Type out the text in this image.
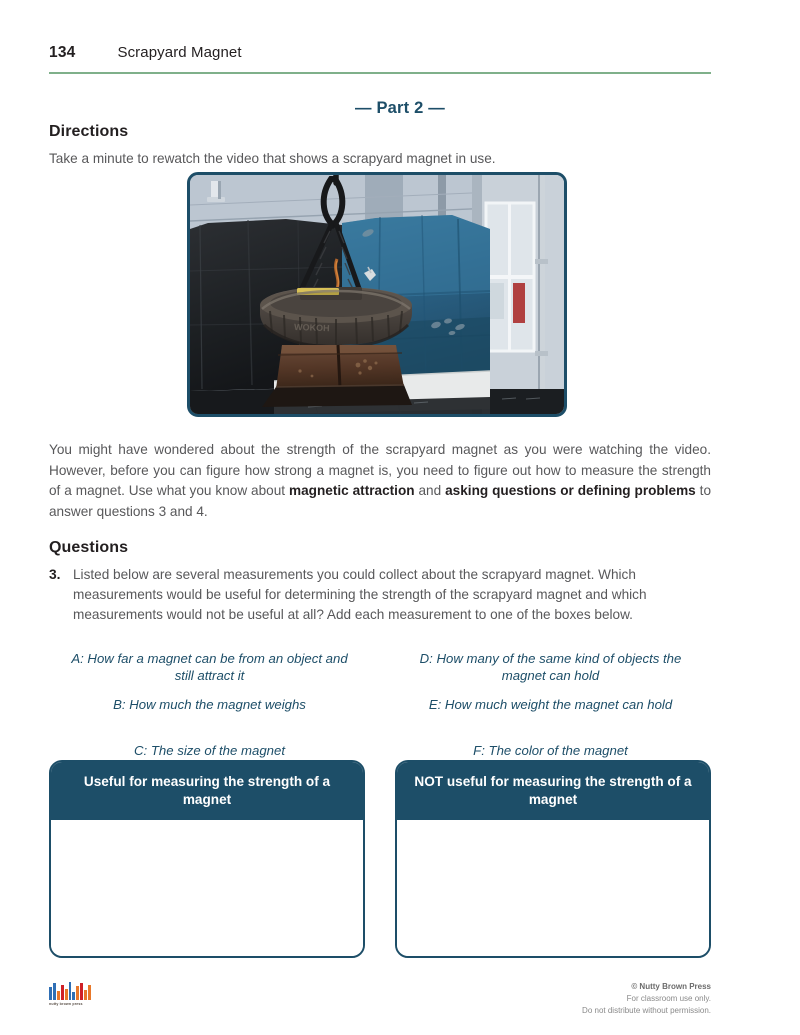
134	Scrapyard Magnet
— Part 2 —
Directions
Take a minute to rewatch the video that shows a scrapyard magnet in use.
WOKOH
You might have wondered about the strength of the scrapyard magnet as you were watching the video. However, before you can figure how strong a magnet is, you need to figure out how to measure the strength of a magnet. Use what you know about magnetic attraction and asking questions or defining problems to answer questions 3 and 4.
Questions
3. Listed below are several measurements you could collect about the scrapyard magnet. Which measurements would be useful for determining the strength of the scrapyard magnet and which measurements would not be useful at all? Add each measurement to one of the boxes below.
A: How far a magnet can be from an object and still attract it
D: How many of the same kind of objects the magnet can hold
B: How much the magnet weighs	E: How much weight the magnet can hold
C: The size of the magnet	F: The color of the magnet
Useful for measuring the strength of a magnet
NOT useful for measuring the strength of a magnet
nutty brown press
© Nutty Brown Press
For classroom use only.
Do not distribute without permission.
